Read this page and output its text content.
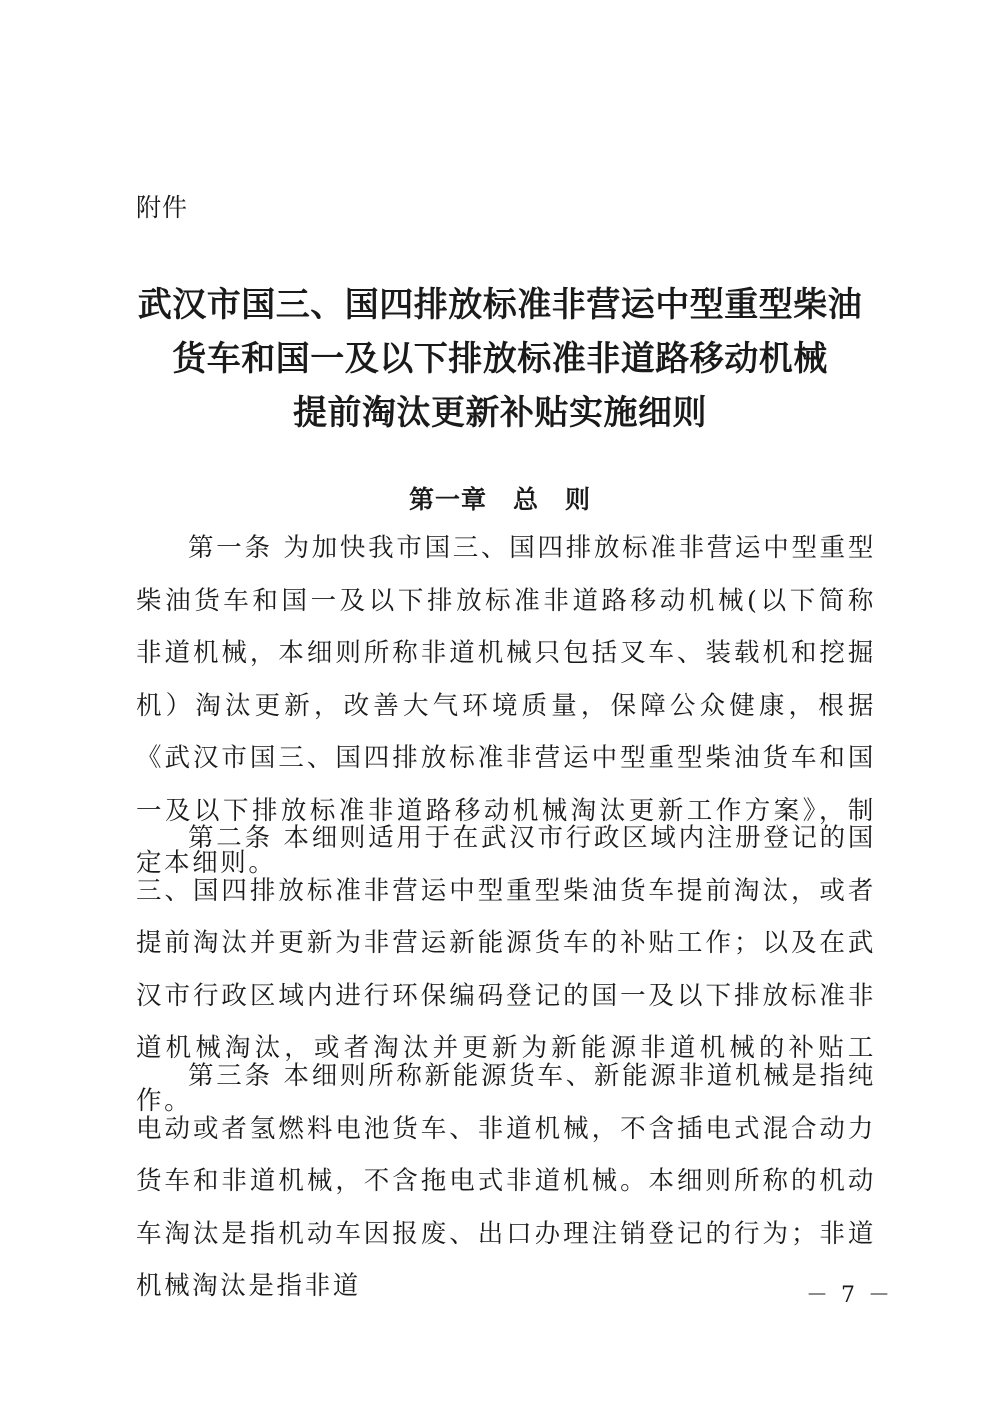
附件
武汉市国三、国四排放标准非营运中型重型柴油
货车和国一及以下排放标准非道路移动机械
提前淘汰更新补贴实施细则
第一章　总　则

第一条 为加快我市国三、国四排放标准非营运中型重型柴油货车和国一及以下排放标准非道路移动机械(以下简称非道机械，本细则所称非道机械只包括叉车、装载机和挖掘机）淘汰更新，改善大气环境质量，保障公众健康，根据《武汉市国三、国四排放标准非营运中型重型柴油货车和国一及以下排放标准非道路移动机械淘汰更新工作方案》，制定本细则。

第二条 本细则适用于在武汉市行政区域内注册登记的国三、国四排放标准非营运中型重型柴油货车提前淘汰，或者提前淘汰并更新为非营运新能源货车的补贴工作；以及在武汉市行政区域内进行环保编码登记的国一及以下排放标准非道机械淘汰，或者淘汰并更新为新能源非道机械的补贴工作。

第三条 本细则所称新能源货车、新能源非道机械是指纯电动或者氢燃料电池货车、非道机械，不含插电式混合动力货车和非道机械，不含拖电式非道机械。本细则所称的机动车淘汰是指机动车因报废、出口办理注销登记的行为；非道机械淘汰是指非道	－ 7 －
